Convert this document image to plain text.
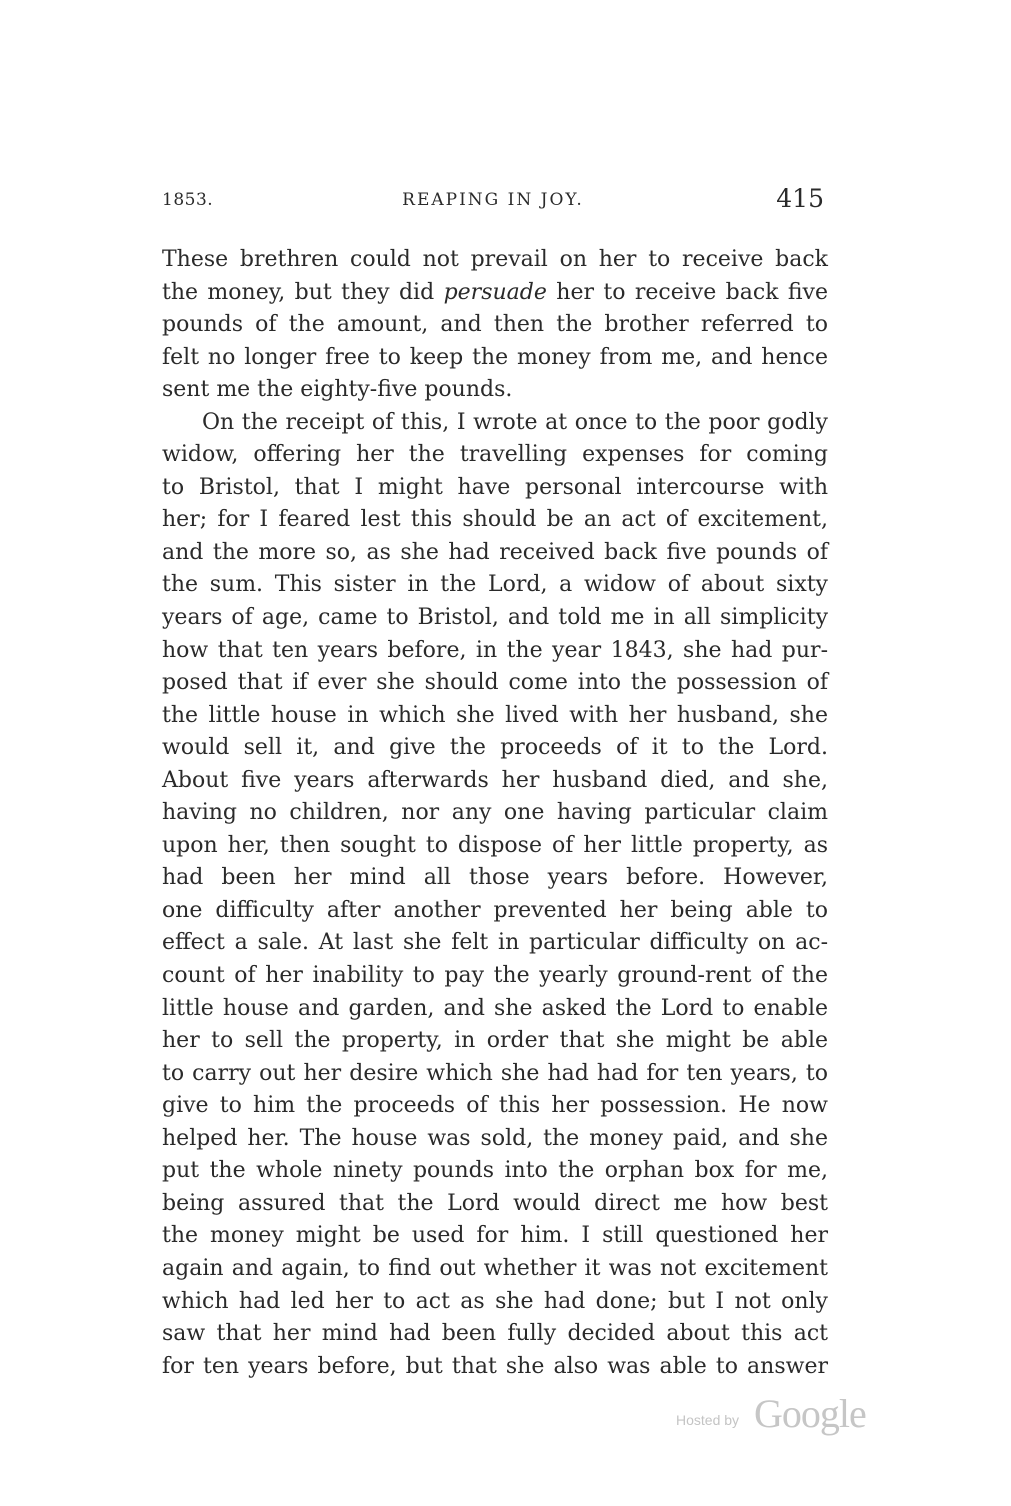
1853.	REAPING IN JOY.	415
These brethren could not prevail on her to receive back
the money, but they did persuade her to receive back five
pounds of the amount, and then the brother referred to
felt no longer free to keep the money from me, and hence
sent me the eighty-five pounds.
On the receipt of this, I wrote at once to the poor godly
widow, offering her the travelling expenses for coming
to Bristol, that I might have personal intercourse with
her; for I feared lest this should be an act of excitement,
and the more so, as she had received back five pounds of
the sum. This sister in the Lord, a widow of about sixty
years of age, came to Bristol, and told me in all simplicity
how that ten years before, in the year 1843, she had pur-
posed that if ever she should come into the possession of
the little house in which she lived with her husband, she
would sell it, and give the proceeds of it to the Lord.
About five years afterwards her husband died, and she,
having no children, nor any one having particular claim
upon her, then sought to dispose of her little property, as
had been her mind all those years before. However,
one difficulty after another prevented her being able to
effect a sale. At last she felt in particular difficulty on ac-
count of her inability to pay the yearly ground-rent of the
little house and garden, and she asked the Lord to enable
her to sell the property, in order that she might be able
to carry out her desire which she had had for ten years, to
give to him the proceeds of this her possession. He now
helped her. The house was sold, the money paid, and she
put the whole ninety pounds into the orphan box for me,
being assured that the Lord would direct me how best
the money might be used for him. I still questioned her
again and again, to find out whether it was not excitement
which had led her to act as she had done; but I not only
saw that her mind had been fully decided about this act
for ten years before, but that she also was able to answer
Hosted by Google
